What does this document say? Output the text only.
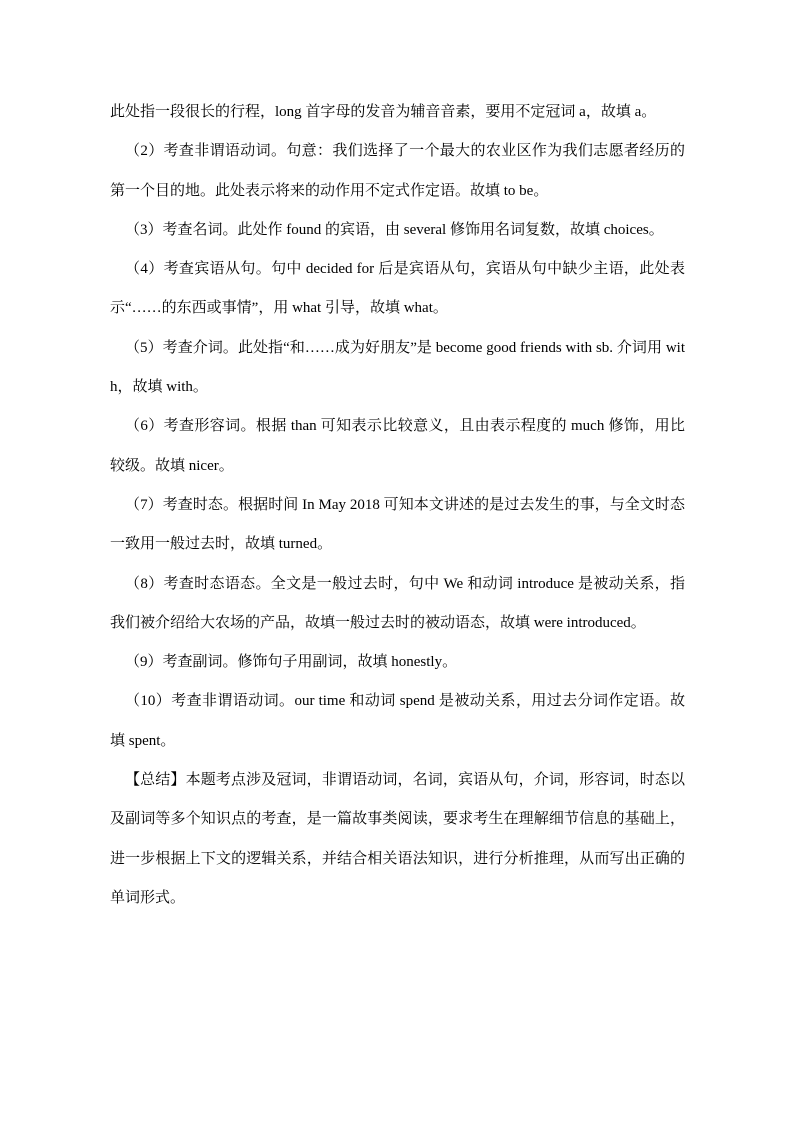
此处指一段很长的行程，long 首字母的发音为辅音音素，要用不定冠词 a，故填 a。

（2）考查非谓语动词。句意：我们选择了一个最大的农业区作为我们志愿者经历的第一个目的地。此处表示将来的动作用不定式作定语。故填 to be。

（3）考查名词。此处作 found 的宾语，由 several 修饰用名词复数，故填 choices。

（4）考查宾语从句。句中 decided for 后是宾语从句，宾语从句中缺少主语，此处表示“……的东西或事情”，用 what 引导，故填 what。

（5）考查介词。此处指“和……成为好朋友”是 become good friends with sb. 介词用 with，故填 with。

（6）考查形容词。根据 than 可知表示比较意义，且由表示程度的 much 修饰，用比较级。故填 nicer。

（7）考查时态。根据时间 In May 2018 可知本文讲述的是过去发生的事，与全文时态一致用一般过去时，故填 turned。

（8）考查时态语态。全文是一般过去时，句中 We 和动词 introduce 是被动关系，指我们被介绍给大农场的产品，故填一般过去时的被动语态，故填 were introduced。

（9）考查副词。修饰句子用副词，故填 honestly。

（10）考查非谓语动词。our time 和动词 spend 是被动关系，用过去分词作定语。故填 spent。

【总结】本题考点涉及冠词，非谓语动词，名词，宾语从句，介词，形容词，时态以及副词等多个知识点的考查，是一篇故事类阅读，要求考生在理解细节信息的基础上，进一步根据上下文的逻辑关系，并结合相关语法知识，进行分析推理，从而写出正确的单词形式。
